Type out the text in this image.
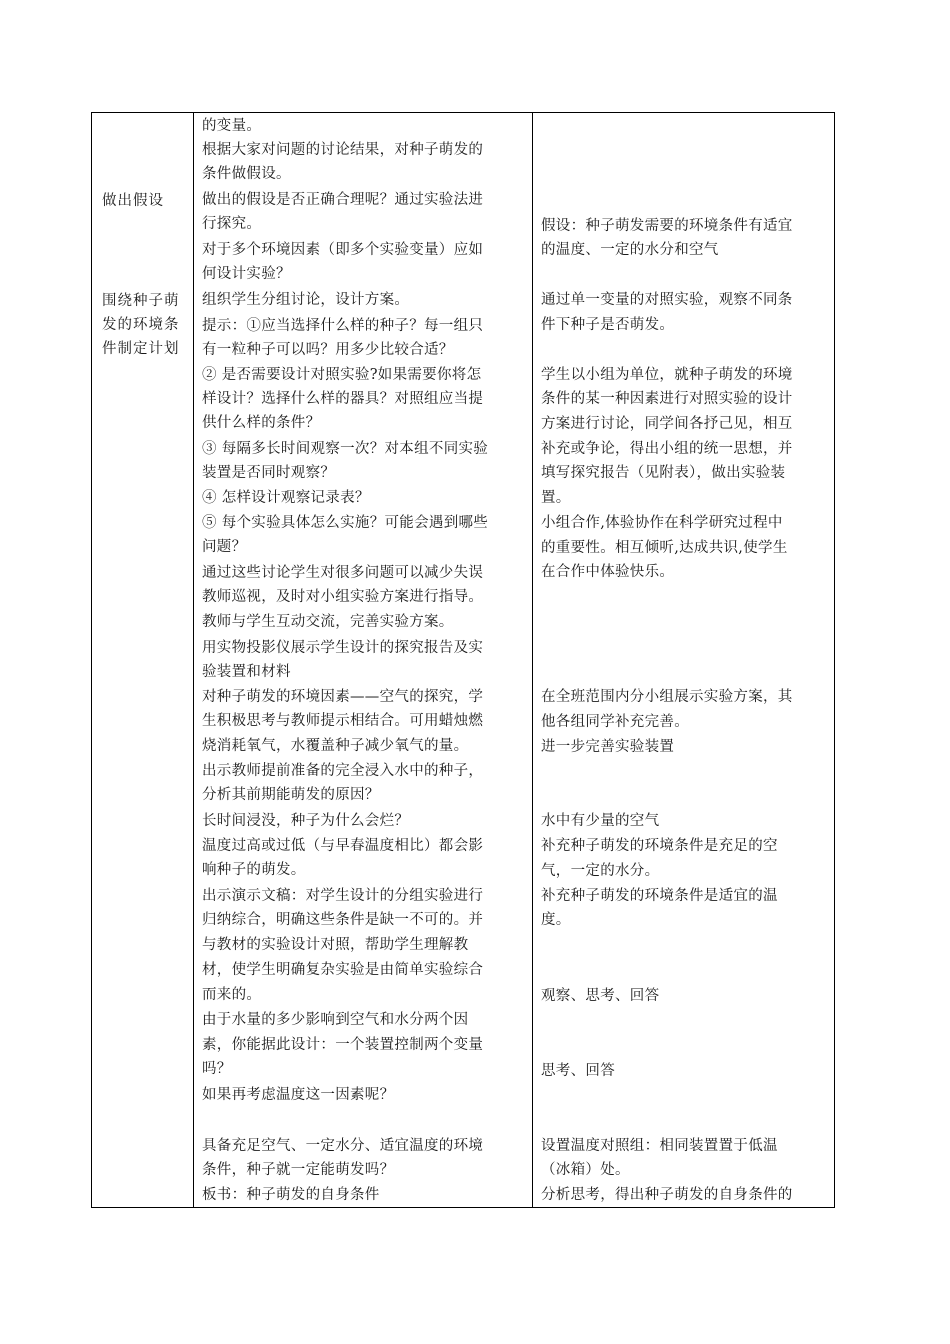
做出假设
围绕种子萌
发的环境条
件制定计划
的变量。
根据大家对问题的讨论结果，对种子萌发的
条件做假设。
做出的假设是否正确合理呢？通过实验法进
行探究。
对于多个环境因素（即多个实验变量）应如
何设计实验？
组织学生分组讨论，设计方案。
提示：①应当选择什么样的种子？每一组只
有一粒种子可以吗？用多少比较合适？
② 是否需要设计对照实验?如果需要你将怎
样设计？选择什么样的器具？对照组应当提
供什么样的条件？
③ 每隔多长时间观察一次？对本组不同实验
装置是否同时观察？
④ 怎样设计观察记录表？
⑤ 每个实验具体怎么实施？可能会遇到哪些
问题？
通过这些讨论学生对很多问题可以减少失误
教师巡视，及时对小组实验方案进行指导。
教师与学生互动交流，完善实验方案。
用实物投影仪展示学生设计的探究报告及实
验装置和材料
对种子萌发的环境因素——空气的探究，学
生积极思考与教师提示相结合。可用蜡烛燃
烧消耗氧气，水覆盖种子减少氧气的量。
出示教师提前准备的完全浸入水中的种子，
分析其前期能萌发的原因？
长时间浸没，种子为什么会烂？
温度过高或过低（与早春温度相比）都会影
响种子的萌发。
出示演示文稿：对学生设计的分组实验进行
归纳综合，明确这些条件是缺一不可的。并
与教材的实验设计对照，帮助学生理解教
材，使学生明确复杂实验是由简单实验综合
而来的。
由于水量的多少影响到空气和水分两个因
素，你能据此设计：一个装置控制两个变量
吗？
如果再考虑温度这一因素呢？
具备充足空气、一定水分、适宜温度的环境
条件，种子就一定能萌发吗？
板书：种子萌发的自身条件
假设：种子萌发需要的环境条件有适宜
的温度、一定的水分和空气
通过单一变量的对照实验，观察不同条
件下种子是否萌发。
学生以小组为单位，就种子萌发的环境
条件的某一种因素进行对照实验的设计
方案进行讨论，同学间各抒己见，相互
补充或争论，得出小组的统一思想，并
填写探究报告（见附表），做出实验装
置。
小组合作,体验协作在科学研究过程中
的重要性。相互倾听,达成共识,使学生
在合作中体验快乐。
在全班范围内分小组展示实验方案，其
他各组同学补充完善。
进一步完善实验装置
水中有少量的空气
补充种子萌发的环境条件是充足的空
气，一定的水分。
补充种子萌发的环境条件是适宜的温
度。
观察、思考、回答
思考、回答
设置温度对照组：相同装置置于低温
（冰箱）处。
分析思考，得出种子萌发的自身条件的
